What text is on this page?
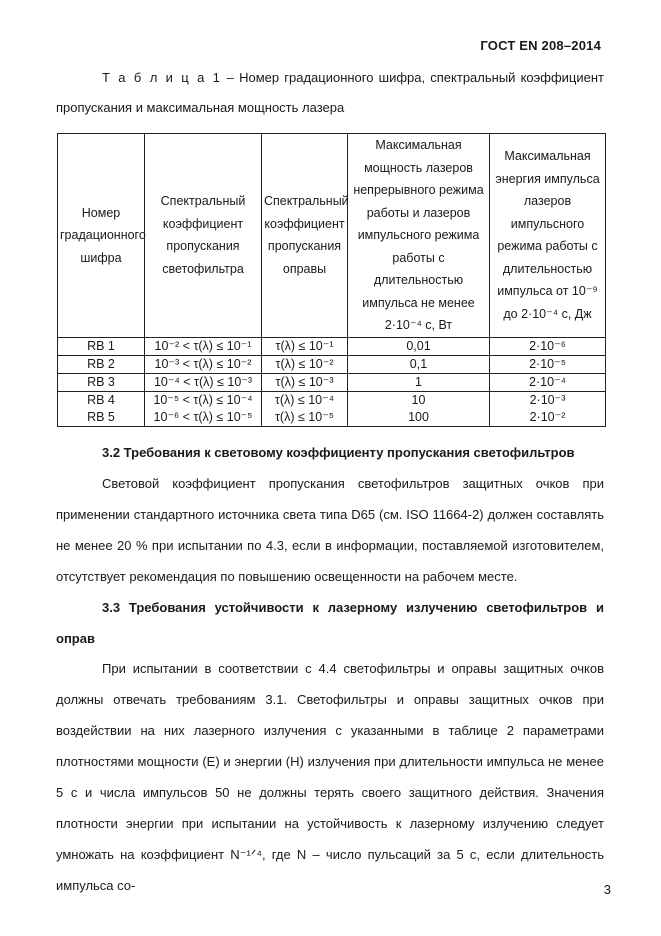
ГОСТ EN 208–2014
Т а б л и ц а 1 – Номер градационного шифра, спектральный коэффициент пропускания и максимальная мощность лазера
Номер градационного шифра	Спектральный коэффициент пропускания светофильтра	Спектральный коэффициент пропускания оправы	Максимальная мощность лазеров непрерывного режима работы и лазеров импульсного режима работы с длительностью импульса не менее 2·10⁻⁴ с, Вт	Максимальная энергия импульса лазеров импульсного режима работы с длительностью импульса от 10⁻⁹ до 2·10⁻⁴ с, Дж
RB 1	10⁻² < τ(λ) ≤ 10⁻¹	τ(λ) ≤ 10⁻¹	0,01	2·10⁻⁶
RB 2	10⁻³ < τ(λ) ≤ 10⁻²	τ(λ) ≤ 10⁻²	0,1	2·10⁻⁵
RB 3	10⁻⁴ < τ(λ) ≤ 10⁻³	τ(λ) ≤ 10⁻³	1	2·10⁻⁴
RB 4	10⁻⁵ < τ(λ) ≤ 10⁻⁴	τ(λ) ≤ 10⁻⁴	10	2·10⁻³
RB 5	10⁻⁶ < τ(λ) ≤ 10⁻⁵	τ(λ) ≤ 10⁻⁵	100	2·10⁻²
3.2 Требования к световому коэффициенту пропускания светофильтров
Световой коэффициент пропускания светофильтров защитных очков при применении стандартного источника света типа D65 (см. ISO 11664-2) должен составлять не менее 20 % при испытании по 4.3, если в информации, поставляемой изготовителем, отсутствует рекомендация по повышению освещенности на рабочем месте.
3.3 Требования устойчивости к лазерному излучению светофильтров и оправ
При испытании в соответствии с 4.4 светофильтры и оправы защитных очков должны отвечать требованиям 3.1. Светофильтры и оправы защитных очков при воздействии на них лазерного излучения с указанными в таблице 2 параметрами плотностями мощности (E) и энергии (H) излучения при длительности импульса не менее 5 с и числа импульсов 50 не должны терять своего защитного действия. Значения плотности энергии при испытании на устойчивость к лазерному излучению следует умножать на коэффициент N⁻¹ᐟ⁴, где N – число пульсаций за 5 с, если длительность импульса со-	3
